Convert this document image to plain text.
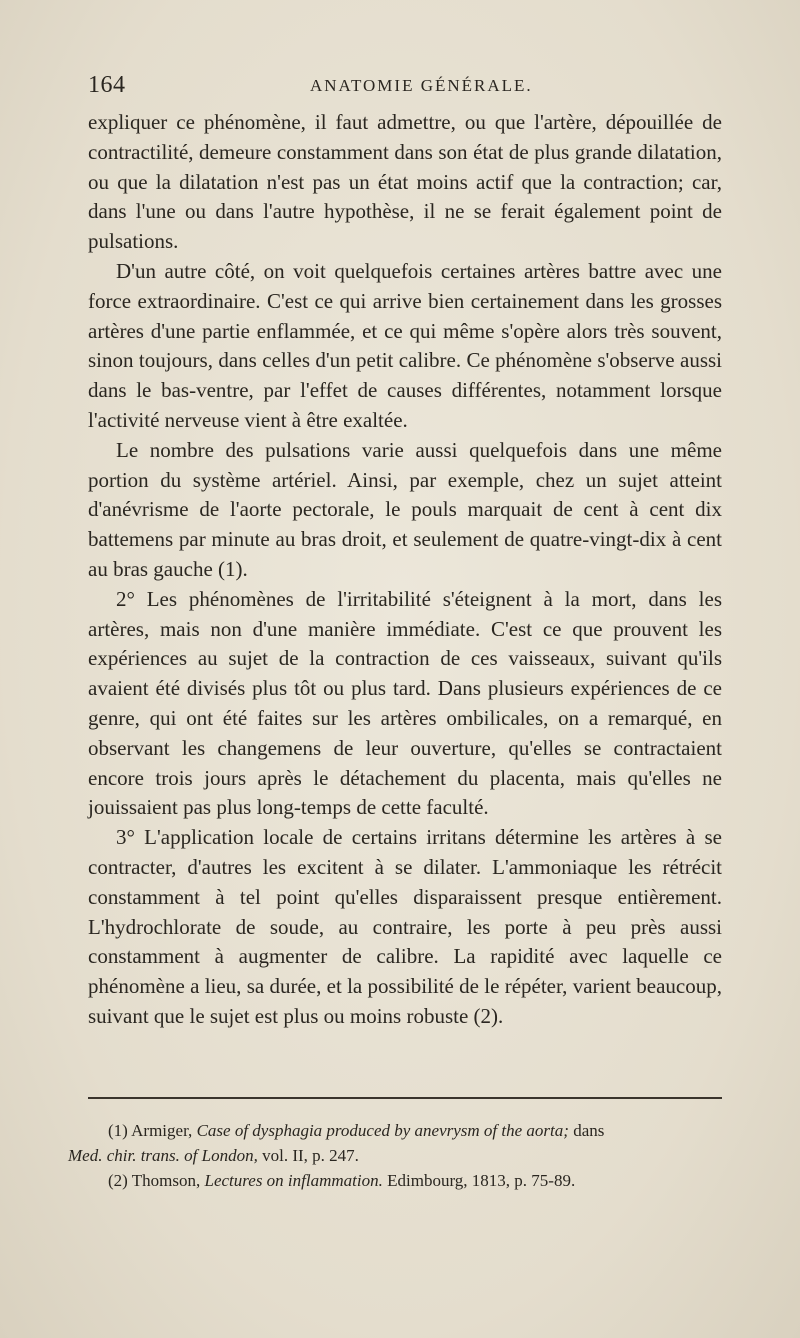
164	ANATOMIE GÉNÉRALE.

expliquer ce phénomène, il faut admettre, ou que l'artère, dépouillée de contractilité, demeure constamment dans son état de plus grande dilatation, ou que la dilatation n'est pas un état moins actif que la contraction; car, dans l'une ou dans l'autre hypothèse, il ne se ferait également point de pulsations.

D'un autre côté, on voit quelquefois certaines artères battre avec une force extraordinaire. C'est ce qui arrive bien certainement dans les grosses artères d'une partie enflammée, et ce qui même s'opère alors très souvent, sinon toujours, dans celles d'un petit calibre. Ce phénomène s'observe aussi dans le bas-ventre, par l'effet de causes différentes, notamment lorsque l'activité nerveuse vient à être exaltée.

Le nombre des pulsations varie aussi quelquefois dans une même portion du système artériel. Ainsi, par exemple, chez un sujet atteint d'anévrisme de l'aorte pectorale, le pouls marquait de cent à cent dix battemens par minute au bras droit, et seulement de quatre-vingt-dix à cent au bras gauche (1).

2° Les phénomènes de l'irritabilité s'éteignent à la mort, dans les artères, mais non d'une manière immédiate. C'est ce que prouvent les expériences au sujet de la contraction de ces vaisseaux, suivant qu'ils avaient été divisés plus tôt ou plus tard. Dans plusieurs expériences de ce genre, qui ont été faites sur les artères ombilicales, on a remarqué, en observant les changemens de leur ouverture, qu'elles se contractaient encore trois jours après le détachement du placenta, mais qu'elles ne jouissaient pas plus long-temps de cette faculté.

3° L'application locale de certains irritans détermine les artères à se contracter, d'autres les excitent à se dilater. L'ammoniaque les rétrécit constamment à tel point qu'elles disparaissent presque entièrement. L'hydrochlorate de soude, au contraire, les porte à peu près aussi constamment à augmenter de calibre. La rapidité avec laquelle ce phénomène a lieu, sa durée, et la possibilité de le répéter, varient beaucoup, suivant que le sujet est plus ou moins robuste (2).

(1) Armiger, Case of dysphagia produced by anevrysm of the aorta; dans
Med. chir. trans. of London, vol. II, p. 247.

(2) Thomson, Lectures on inflammation. Edimbourg, 1813, p. 75-89.
